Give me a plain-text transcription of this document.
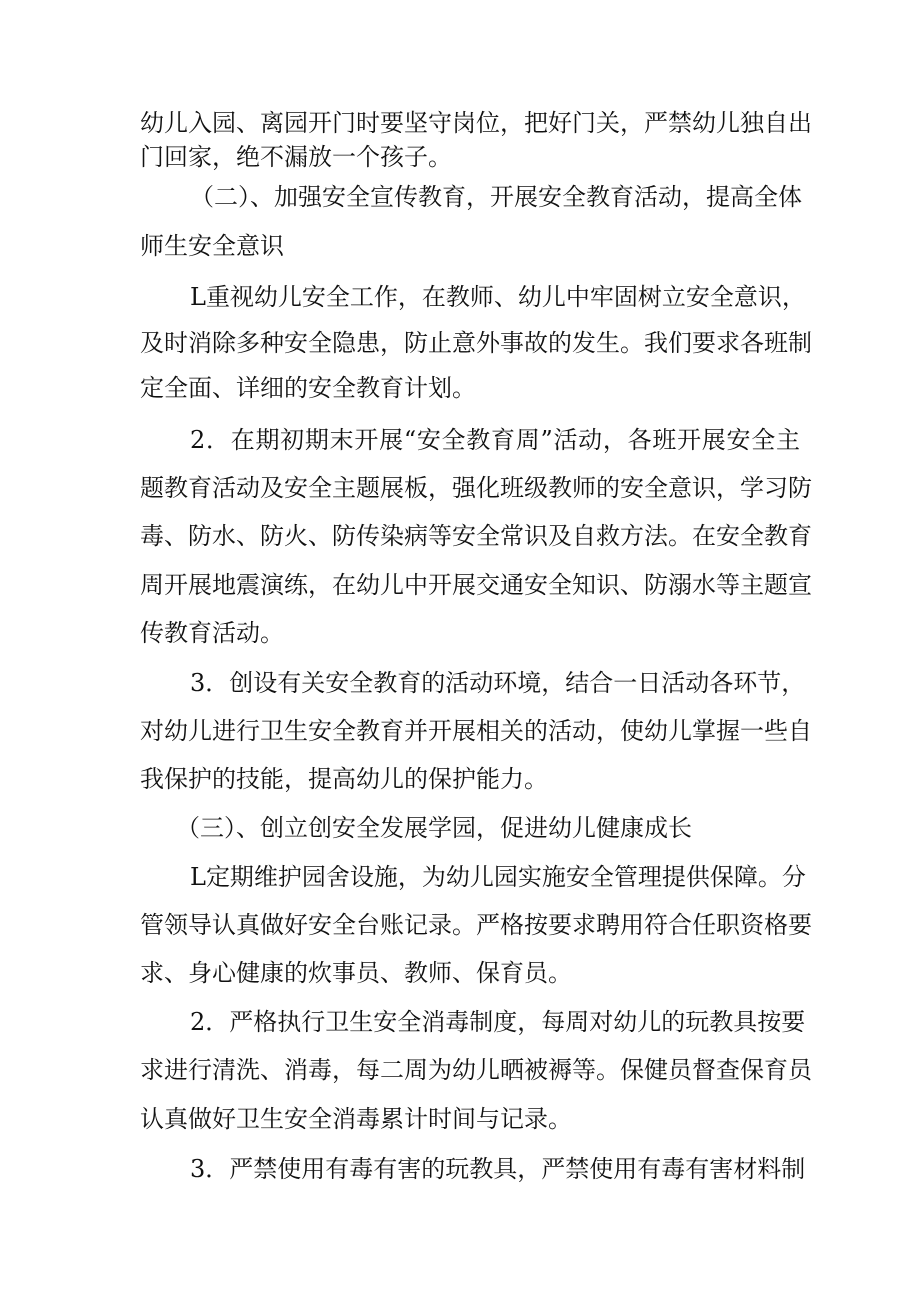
幼儿入园、离园开门时要坚守岗位，把好门关，严禁幼儿独自出
门回家，绝不漏放一个孩子。
（二）、加强安全宣传教育，开展安全教育活动，提高全体
师生安全意识
L重视幼儿安全工作，在教师、幼儿中牢固树立安全意识，
及时消除多种安全隐患，防止意外事故的发生。我们要求各班制
定全面、详细的安全教育计划。
2．在期初期末开展“安全教育周”活动，各班开展安全主
题教育活动及安全主题展板，强化班级教师的安全意识，学习防
毒、防水、防火、防传染病等安全常识及自救方法。在安全教育
周开展地震演练，在幼儿中开展交通安全知识、防溺水等主题宣
传教育活动。
3．创设有关安全教育的活动环境，结合一日活动各环节，
对幼儿进行卫生安全教育并开展相关的活动，使幼儿掌握一些自
我保护的技能，提高幼儿的保护能力。
（三）、创立创安全发展学园，促进幼儿健康成长
L定期维护园舍设施，为幼儿园实施安全管理提供保障。分
管领导认真做好安全台账记录。严格按要求聘用符合任职资格要
求、身心健康的炊事员、教师、保育员。
2．严格执行卫生安全消毒制度，每周对幼儿的玩教具按要
求进行清洗、消毒，每二周为幼儿晒被褥等。保健员督查保育员
认真做好卫生安全消毒累计时间与记录。
3．严禁使用有毒有害的玩教具，严禁使用有毒有害材料制
